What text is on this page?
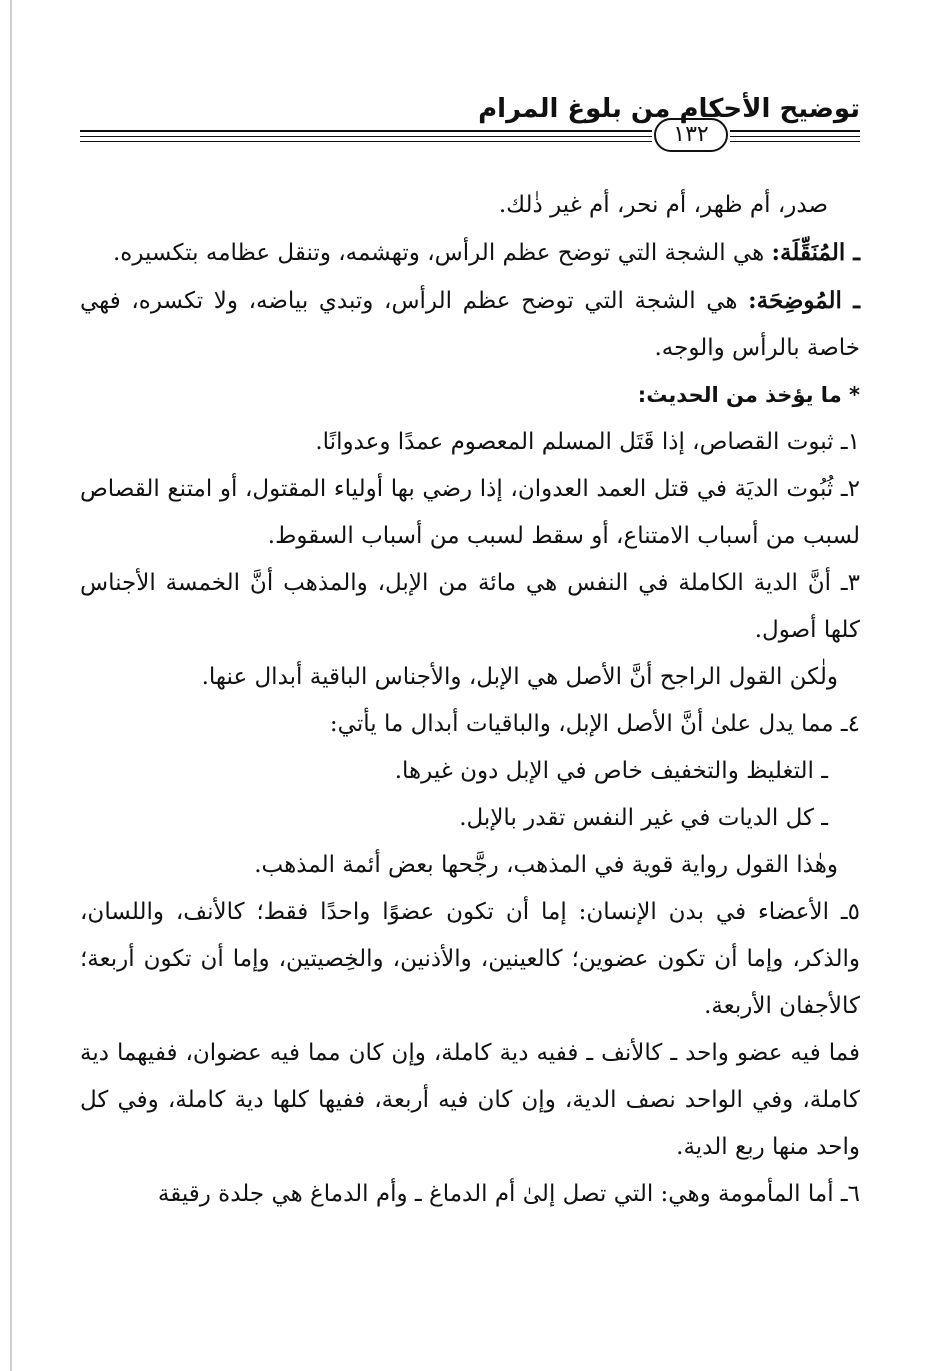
توضيح الأحكام من بلوغ المرام
١٣٢

صدر، أم ظهر، أم نحر، أم غير ذٰلك.

ـ المُنَقِّلَة: هي الشجة التي توضح عظم الرأس، وتهشمه، وتنقل عظامه بتكسيره.

ـ المُوضِحَة: هي الشجة التي توضح عظم الرأس، وتبدي بياضه، ولا تكسره، فهي خاصة بالرأس والوجه.

* ما يؤخذ من الحديث:

١ـ ثبوت القصاص، إذا قَتَل المسلم المعصوم عمدًا وعدوانًا.

٢ـ ثُبُوت الديَة في قتل العمد العدوان، إذا رضي بها أولياء المقتول، أو امتنع القصاص لسبب من أسباب الامتناع، أو سقط لسبب من أسباب السقوط.

٣ـ أنَّ الدية الكاملة في النفس هي مائة من الإبل، والمذهب أنَّ الخمسة الأجناس كلها أصول.

ولٰكن القول الراجح أنَّ الأصل هي الإبل، والأجناس الباقية أبدال عنها.

٤ـ مما يدل علىٰ أنَّ الأصل الإبل، والباقيات أبدال ما يأتي:

ـ التغليظ والتخفيف خاص في الإبل دون غيرها.

ـ كل الديات في غير النفس تقدر بالإبل.

وهٰذا القول رواية قوية في المذهب، رجَّحها بعض أئمة المذهب.

٥ـ الأعضاء في بدن الإنسان: إما أن تكون عضوًا واحدًا فقط؛ كالأنف، واللسان، والذكر، وإما أن تكون عضوين؛ كالعينين، والأذنين، والخِصيتين، وإما أن تكون أربعة؛ كالأجفان الأربعة.

فما فيه عضو واحد ـ كالأنف ـ ففيه دية كاملة، وإن كان مما فيه عضوان، ففيهما دية كاملة، وفي الواحد نصف الدية، وإن كان فيه أربعة، ففيها كلها دية كاملة، وفي كل واحد منها ربع الدية.

٦ـ أما المأمومة وهي: التي تصل إلىٰ أم الدماغ ـ وأم الدماغ هي جلدة رقيقة
